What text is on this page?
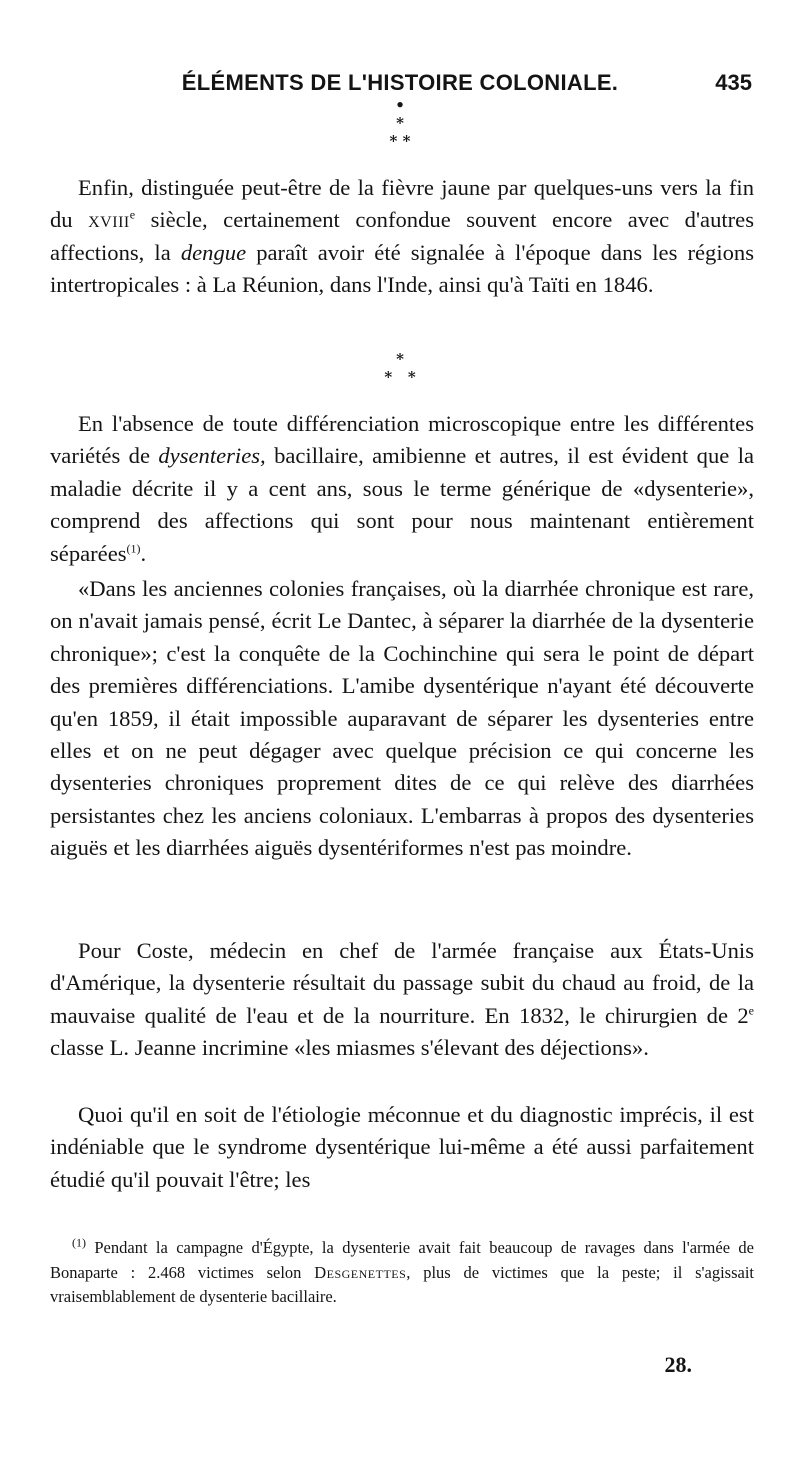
ÉLÉMENTS DE L'HISTOIRE COLONIALE.	435
•
*
* *

Enfin, distinguée peut-être de la fièvre jaune par quelques-uns vers la fin du xviii$^e$ siècle, certainement confondue souvent encore avec d'autres affections, la dengue paraît avoir été signalée à l'époque dans les régions intertropicales : à La Réunion, dans l'Inde, ainsi qu'à Taïti en 1846.

*
*   *

En l'absence de toute différenciation microscopique entre les différentes variétés de dysenteries, bacillaire, amibienne et autres, il est évident que la maladie décrite il y a cent ans, sous le terme générique de «dysenterie», comprend des affections qui sont pour nous maintenant entièrement séparées$^{(1)}$.

«Dans les anciennes colonies françaises, où la diarrhée chronique est rare, on n'avait jamais pensé, écrit Le Dantec, à séparer la diarrhée de la dysenterie chronique»; c'est la conquête de la Cochinchine qui sera le point de départ des premières différenciations. L'amibe dysentérique n'ayant été découverte qu'en 1859, il était impossible auparavant de séparer les dysenteries entre elles et on ne peut dégager avec quelque précision ce qui concerne les dysenteries chroniques proprement dites de ce qui relève des diarrhées persistantes chez les anciens coloniaux. L'embarras à propos des dysenteries aiguës et les diarrhées aiguës dysentériformes n'est pas moindre.

Pour Coste, médecin en chef de l'armée française aux États-Unis d'Amérique, la dysenterie résultait du passage subit du chaud au froid, de la mauvaise qualité de l'eau et de la nourriture. En 1832, le chirurgien de 2e classe L. Jeanne incrimine «les miasmes s'élevant des déjections».

Quoi qu'il en soit de l'étiologie méconnue et du diagnostic imprécis, il est indéniable que le syndrome dysentérique lui-même a été aussi parfaitement étudié qu'il pouvait l'être; les

$^{(1)}$ Pendant la campagne d'Égypte, la dysenterie avait fait beaucoup de ravages dans l'armée de Bonaparte : 2.468 victimes selon Desgenettes, plus de victimes que la peste; il s'agissait vraisemblablement de dysenterie bacillaire.

28.
